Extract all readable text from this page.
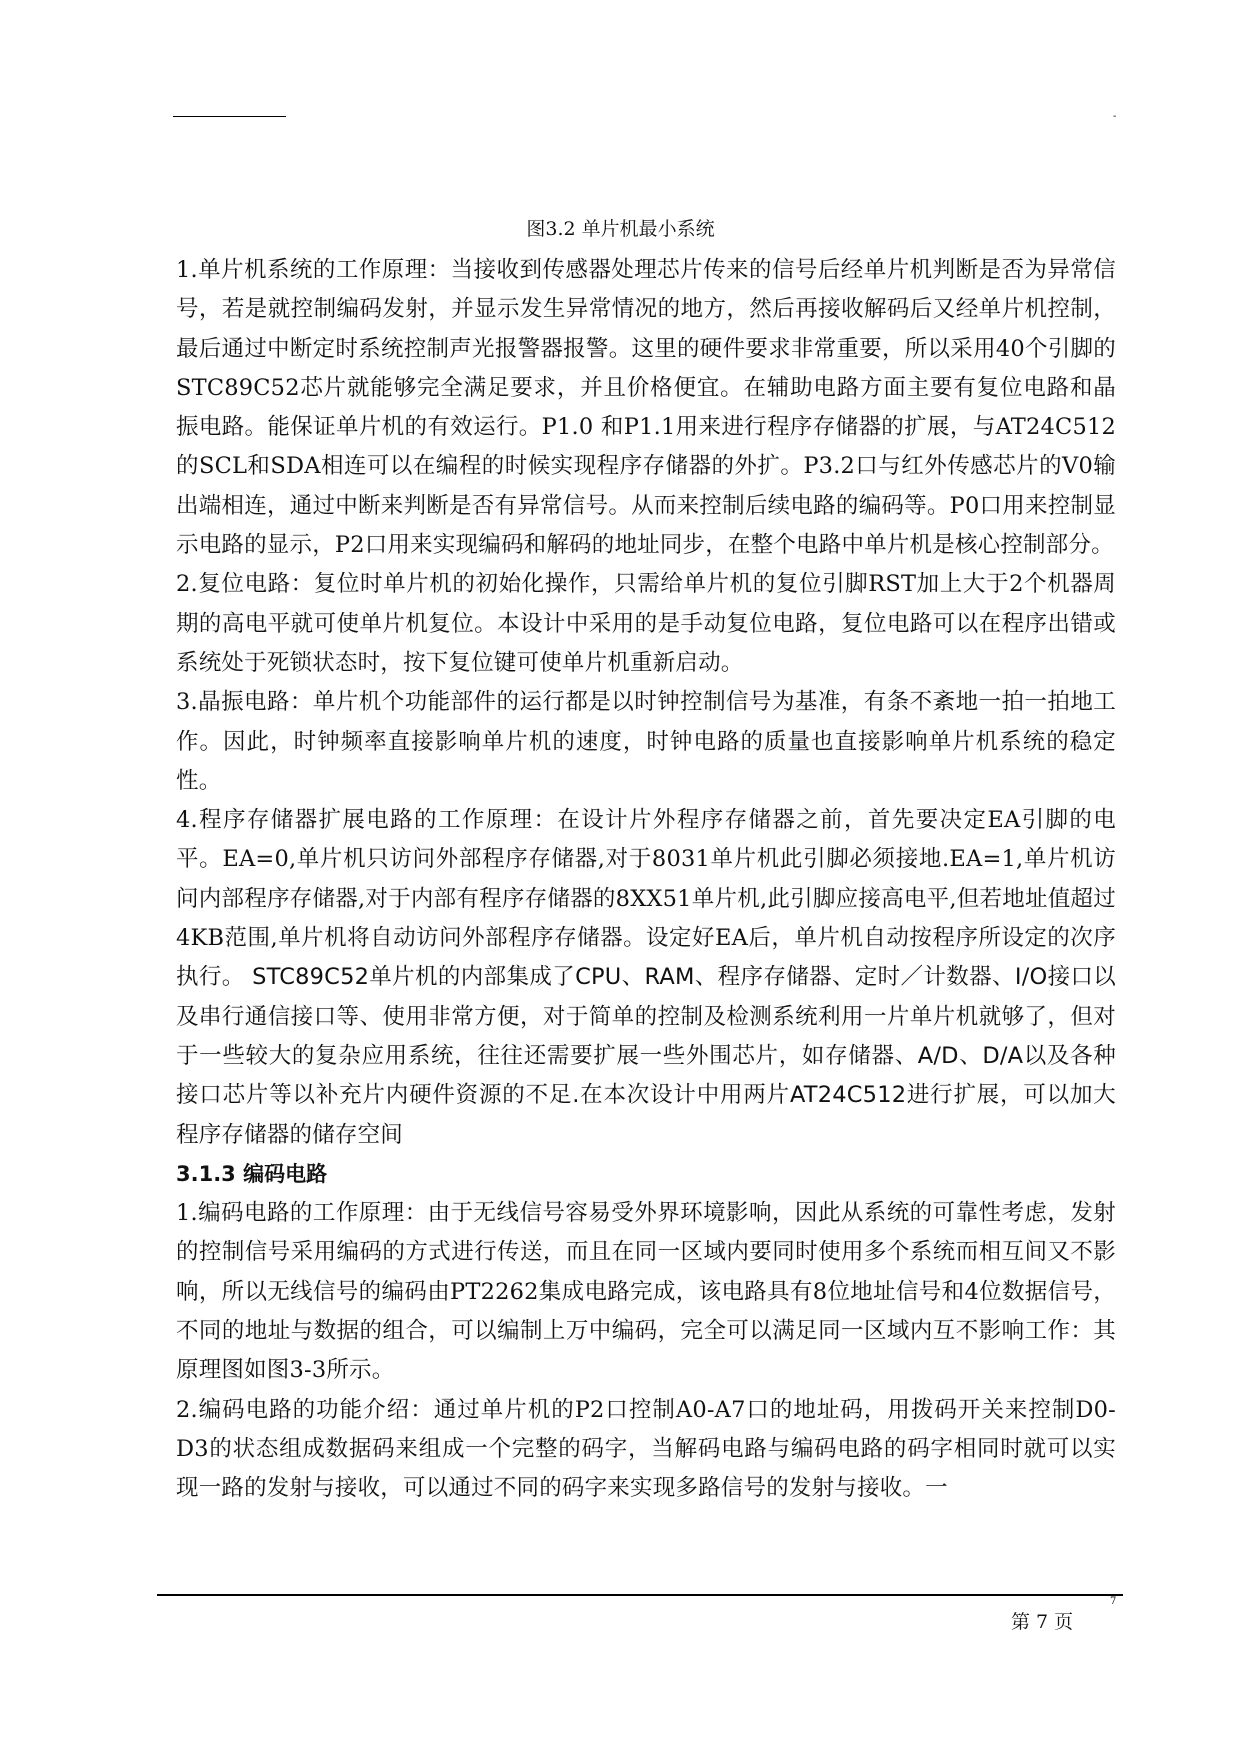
-
图3.2 单片机最小系统

1.单片机系统的工作原理：当接收到传感器处理芯片传来的信号后经单片机判断是否为异常信号，若是就控制编码发射，并显示发生异常情况的地方，然后再接收解码后又经单片机控制，最后通过中断定时系统控制声光报警器报警。这里的硬件要求非常重要，所以采用40个引脚的STC89C52芯片就能够完全满足要求，并且价格便宜。在辅助电路方面主要有复位电路和晶振电路。能保证单片机的有效运行。P1.0 和P1.1用来进行程序存储器的扩展，与AT24C512的SCL和SDA相连可以在编程的时候实现程序存储器的外扩。P3.2口与红外传感芯片的V0输出端相连，通过中断来判断是否有异常信号。从而来控制后续电路的编码等。P0口用来控制显示电路的显示，P2口用来实现编码和解码的地址同步，在整个电路中单片机是核心控制部分。

2.复位电路：复位时单片机的初始化操作，只需给单片机的复位引脚RST加上大于2个机器周期的高电平就可使单片机复位。本设计中采用的是手动复位电路，复位电路可以在程序出错或系统处于死锁状态时，按下复位键可使单片机重新启动。

3.晶振电路：单片机个功能部件的运行都是以时钟控制信号为基准，有条不紊地一拍一拍地工作。因此，时钟频率直接影响单片机的速度，时钟电路的质量也直接影响单片机系统的稳定性。

4.程序存储器扩展电路的工作原理：在设计片外程序存储器之前，首先要决定EA引脚的电平。EA=0,单片机只访问外部程序存储器,对于8031单片机此引脚必须接地.EA=1,单片机访问内部程序存储器,对于内部有程序存储器的8XX51单片机,此引脚应接高电平,但若地址值超过4KB范围,单片机将自动访问外部程序存储器。设定好EA后，单片机自动按程序所设定的次序执行。 STC89C52单片机的内部集成了CPU、RAM、程序存储器、定时／计数器、I/O接口以及串行通信接口等、使用非常方便，对于简单的控制及检测系统利用一片单片机就够了，但对于一些较大的复杂应用系统，往往还需要扩展一些外围芯片，如存储器、A/D、D/A以及各种接口芯片等以补充片内硬件资源的不足.在本次设计中用两片AT24C512进行扩展，可以加大程序存储器的储存空间

3.1.3 编码电路

1.编码电路的工作原理：由于无线信号容易受外界环境影响，因此从系统的可靠性考虑，发射的控制信号采用编码的方式进行传送，而且在同一区域内要同时使用多个系统而相互间又不影响，所以无线信号的编码由PT2262集成电路完成，该电路具有8位地址信号和4位数据信号，不同的地址与数据的组合，可以编制上万中编码，完全可以满足同一区域内互不影响工作：其原理图如图3-3所示。

2.编码电路的功能介绍：通过单片机的P2口控制A0-A7口的地址码，用拨码开关来控制D0-D3的状态组成数据码来组成一个完整的码字，当解码电路与编码电路的码字相同时就可以实现一路的发射与接收，可以通过不同的码字来实现多路信号的发射与接收。一

7
第 7 页
